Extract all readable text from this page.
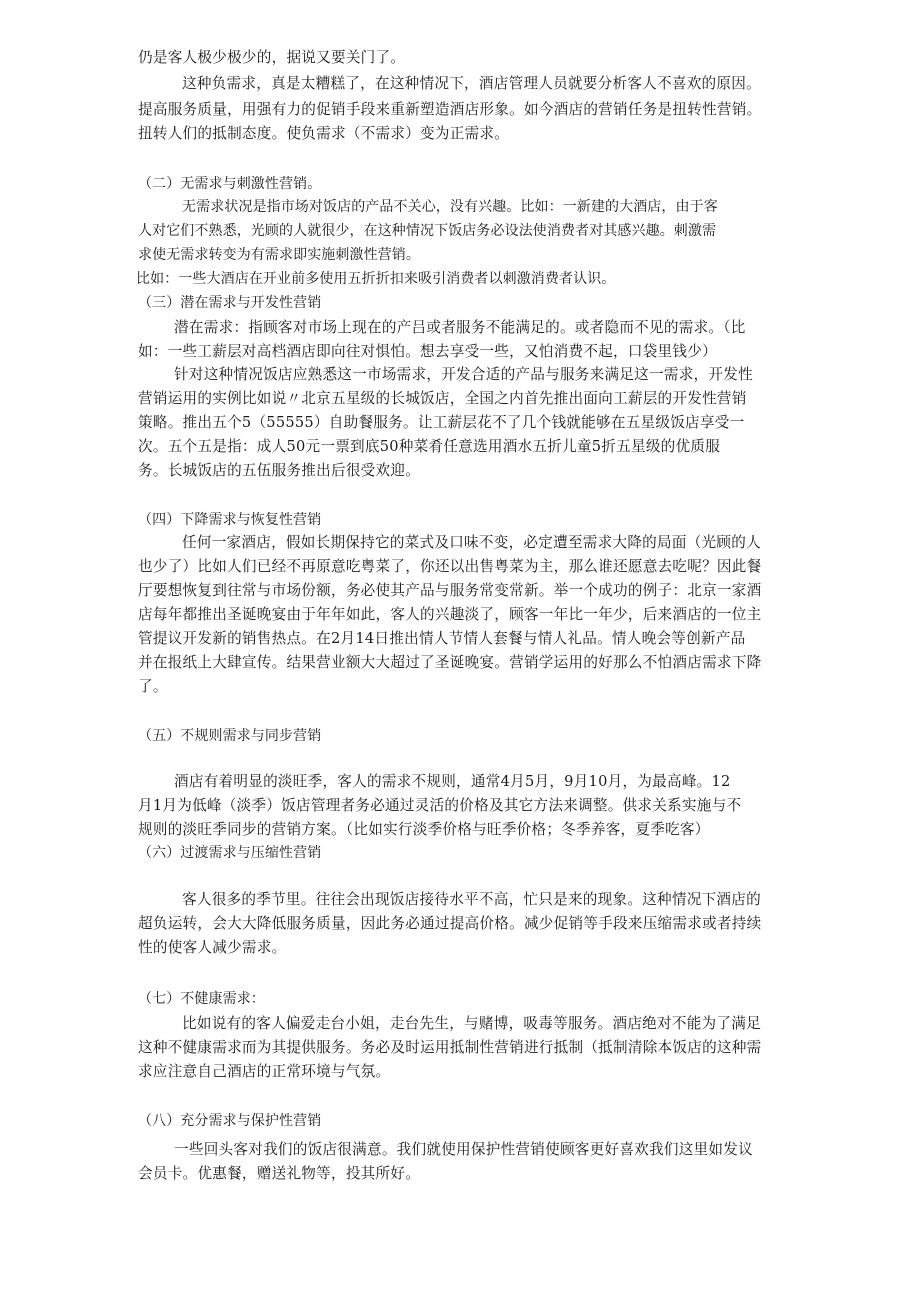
仍是客人极少极少的，据说又要关门了。
这种负需求，真是太糟糕了，在这种情况下，酒店管理人员就要分析客人不喜欢的原因。
提高服务质量，用强有力的促销手段来重新塑造酒店形象。如今酒店的营销任务是扭转性营销。
扭转人们的抵制态度。使负需求（不需求）变为正需求。
（二）无需求与刺激性营销。
无需求状况是指市场对饭店的产品不关心，没有兴趣。比如：一新建的大酒店，由于客
人对它们不熟悉，光顾的人就很少，在这种情况下饭店务必设法使消费者对其感兴趣。刺激需
求使无需求转变为有需求即实施刺激性营销。
比如：一些大酒店在开业前多使用五折折扣来吸引消费者以刺激消费者认识。
（三）潜在需求与开发性营销
潜在需求：指顾客对市场上现在的产吕或者服务不能满足的。或者隐而不见的需求。（比
如：一些工薪层对高档酒店即向往对惧怕。想去享受一些，又怕消费不起，口袋里钱少）
针对这种情况饭店应熟悉这一市场需求，开发合适的产品与服务来满足这一需求，开发性
营销运用的实例比如说〃北京五星级的长城饭店，全国之内首先推出面向工薪层的开发性营销
策略。推出五个5（55555）自助餐服务。让工薪层花不了几个钱就能够在五星级饭店享受一
次。五个五是指：成人50元一票到底50种菜肴任意选用酒水五折儿童5折五星级的优质服
务。长城饭店的五伍服务推出后很受欢迎。
（四）下降需求与恢复性营销
任何一家酒店，假如长期保持它的菜式及口味不变，必定遭至需求大降的局面（光顾的人
也少了）比如人们已经不再原意吃粤菜了，你还以出售粤菜为主，那么谁还愿意去吃呢？因此餐
厅要想恢复到往常与市场份额，务必使其产品与服务常变常新。举一个成功的例子：北京一家酒
店每年都推出圣诞晚宴由于年年如此，客人的兴趣淡了，顾客一年比一年少，后来酒店的一位主
管提议开发新的销售热点。在2月14日推出情人节情人套餐与情人礼品。情人晚会等创新产品
并在报纸上大肆宣传。结果营业额大大超过了圣诞晚宴。营销学运用的好那么不怕酒店需求下降
了。
（五）不规则需求与同步营销
酒店有着明显的淡旺季，客人的需求不规则，通常4月5月，9月10月，为最高峰。12
月1月为低峰（淡季）饭店管理者务必通过灵活的价格及其它方法来调整。供求关系实施与不
规则的淡旺季同步的营销方案。（比如实行淡季价格与旺季价格；冬季养客，夏季吃客）
（六）过渡需求与压缩性营销
客人很多的季节里。往往会出现饭店接待水平不高，忙只是来的现象。这种情况下酒店的
超负运转，会大大降低服务质量，因此务必通过提高价格。减少促销等手段来压缩需求或者持续
性的使客人减少需求。
（七）不健康需求：
比如说有的客人偏爱走台小姐，走台先生，与赌博，吸毒等服务。酒店绝对不能为了满足
这种不健康需求而为其提供服务。务必及时运用抵制性营销进行抵制（抵制清除本饭店的这种需
求应注意自己酒店的正常环境与气氛。
（八）充分需求与保护性营销
一些回头客对我们的饭店很满意。我们就使用保护性营销使顾客更好喜欢我们这里如发议
会员卡。优惠餐，赠送礼物等，投其所好。
